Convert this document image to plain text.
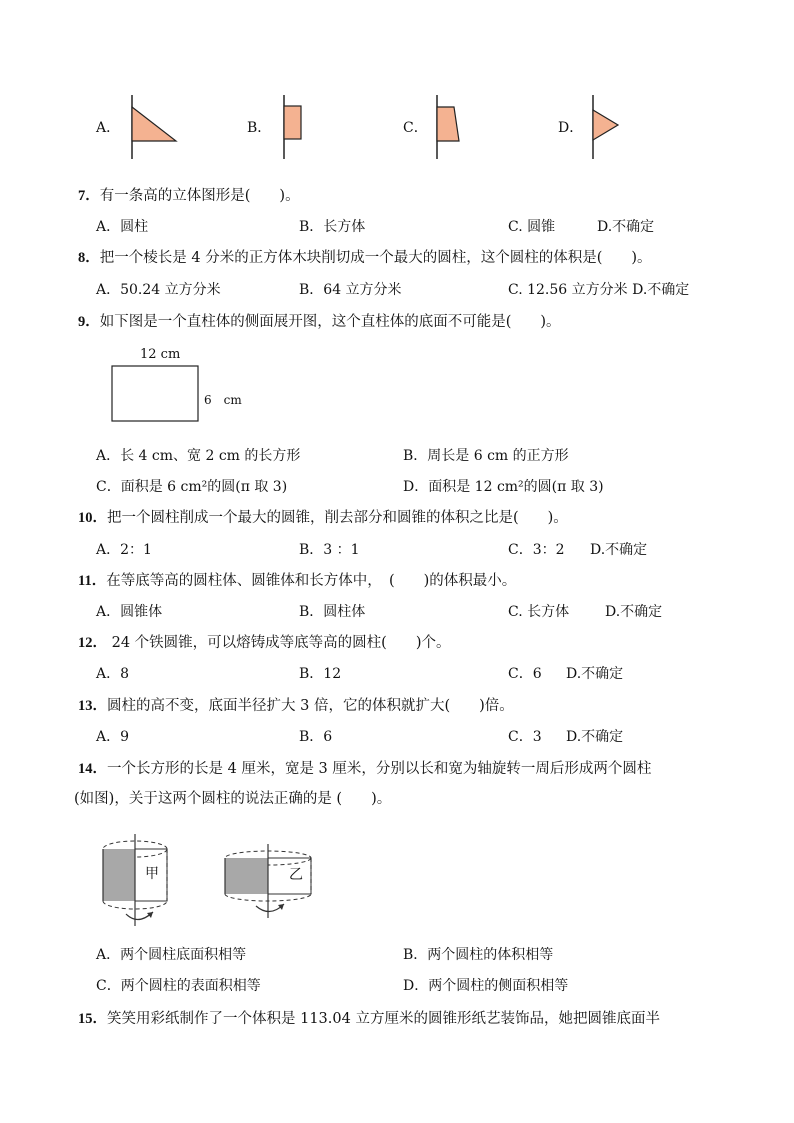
A．	B．	C．	D．
7．有一条高的立体图形是(　　)。
A．圆柱	B．长方体	C. 圆锥	D.不确定
8．把一个棱长是 4 分米的正方体木块削切成一个最大的圆柱，这个圆柱的体积是(　　)。
A．50.24 立方分米	B．64 立方分米	C. 12.56 立方分米 D.不确定
9．如下图是一个直柱体的侧面展开图，这个直柱体的底面不可能是(　　)。
12 cm
6　cm
A．长 4 cm、宽 2 cm 的长方形	B．周长是 6 cm 的正方形
C．面积是 6 cm²的圆(π 取 3)	D．面积是 12 cm²的圆(π 取 3)
10．把一个圆柱削成一个最大的圆锥，削去部分和圆锥的体积之比是(　　)。
A．2：1	B．3 ：1	C．3：2 D.不确定
11．在等底等高的圆柱体、圆锥体和长方体中，　(　　)的体积最小。
A．圆锥体	B．圆柱体	C. 长方体	D.不确定
12． 24 个铁圆锥，可以熔铸成等底等高的圆柱(　　)个。
A．8	B．12	C．6 D.不确定
13．圆柱的高不变，底面半径扩大 3 倍，它的体积就扩大(　　)倍。
A．9	B．6	C．3 D.不确定
14．一个长方形的长是 4 厘米，宽是 3 厘米，分别以长和宽为轴旋转一周后形成两个圆柱
(如图)，关于这两个圆柱的说法正确的是 (　　)。
甲	乙
A．两个圆柱底面积相等	B．两个圆柱的体积相等
C．两个圆柱的表面积相等	D．两个圆柱的侧面积相等
15．笑笑用彩纸制作了一个体积是 113.04 立方厘米的圆锥形纸艺装饰品，她把圆锥底面半
